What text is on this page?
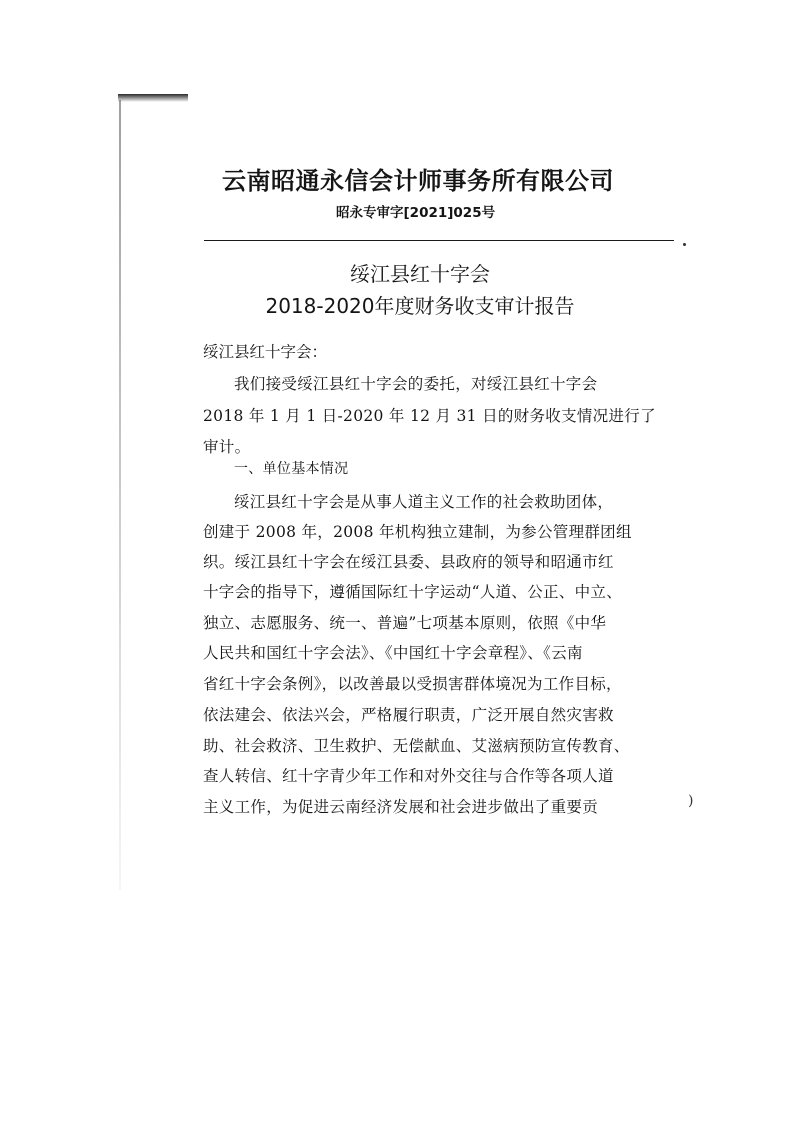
云南昭通永信会计师事务所有限公司
昭永专审字[2021]025号
绥江县红十字会
2018-2020年度财务收支审计报告
绥江县红十字会：
我们接受绥江县红十字会的委托，对绥江县红十字会
2018 年 1 月 1 日-2020 年 12 月 31 日的财务收支情况进行了
审计。
一、单位基本情况
绥江县红十字会是从事人道主义工作的社会救助团体，
创建于 2008 年，2008 年机构独立建制，为参公管理群团组
织。绥江县红十字会在绥江县委、县政府的领导和昭通市红
十字会的指导下，遵循国际红十字运动“人道、公正、中立、
独立、志愿服务、统一、普遍”七项基本原则，依照《中华
人民共和国红十字会法》、《中国红十字会章程》、《云南
省红十字会条例》，以改善最以受损害群体境况为工作目标，
依法建会、依法兴会，严格履行职责，广泛开展自然灾害救
助、社会救济、卫生救护、无偿献血、艾滋病预防宣传教育、
查人转信、红十字青少年工作和对外交往与合作等各项人道
主义工作，为促进云南经济发展和社会进步做出了重要贡	)
